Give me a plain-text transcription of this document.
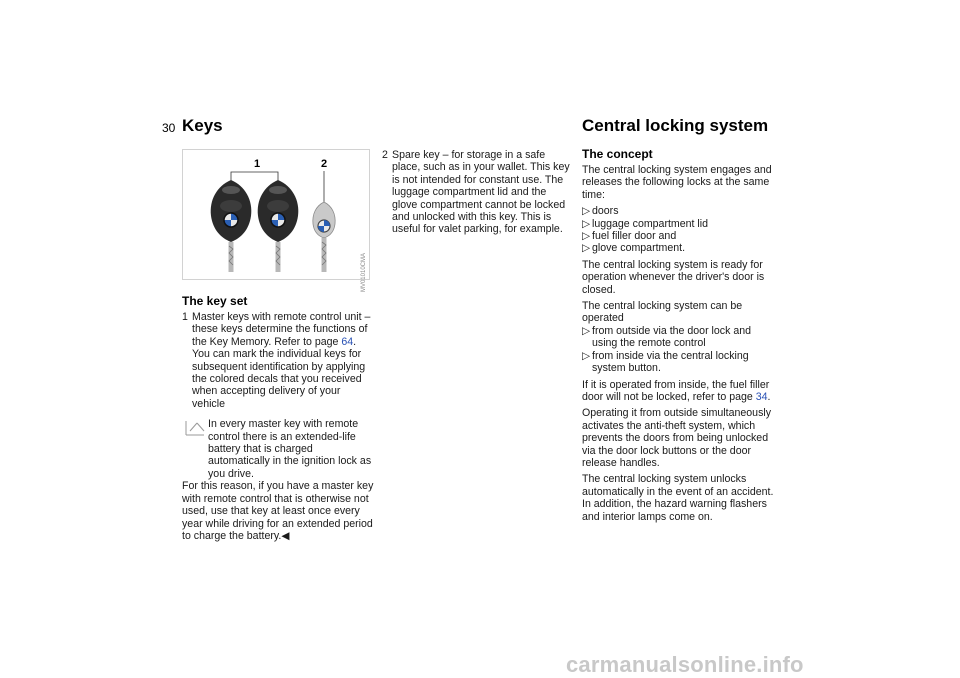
30 Keys	Central locking system
1	2
MV01010CMA
The key set
1 Master keys with remote control unit – these keys determine the functions of the Key Memory. Refer to page 64. You can mark the individual keys for subsequent identification by applying the colored decals that you received when accepting delivery of your vehicle

In every master key with remote control there is an extended-life battery that is charged automatically in the ignition lock as you drive.

For this reason, if you have a master key with remote control that is otherwise not used, use that key at least once every year while driving for an extended period to charge the battery.◀

2 Spare key – for storage in a safe place, such as in your wallet. This key is not intended for constant use. The luggage compartment lid and the glove compartment cannot be locked and unlocked with this key. This is useful for valet parking, for example.
The concept

The central locking system engages and releases the following locks at the same time:

▷ doors
▷ luggage compartment lid
▷ fuel filler door and
▷ glove compartment.

The central locking system is ready for operation whenever the driver's door is closed.

The central locking system can be operated

▷ from outside via the door lock and using the remote control
▷ from inside via the central locking system button.

If it is operated from inside, the fuel filler door will not be locked, refer to page 34.

Operating it from outside simultaneously activates the anti-theft system, which prevents the doors from being unlocked via the door lock buttons or the door release handles.

The central locking system unlocks automatically in the event of an accident. In addition, the hazard warning flashers and interior lamps come on.

carmanualsonline.info
